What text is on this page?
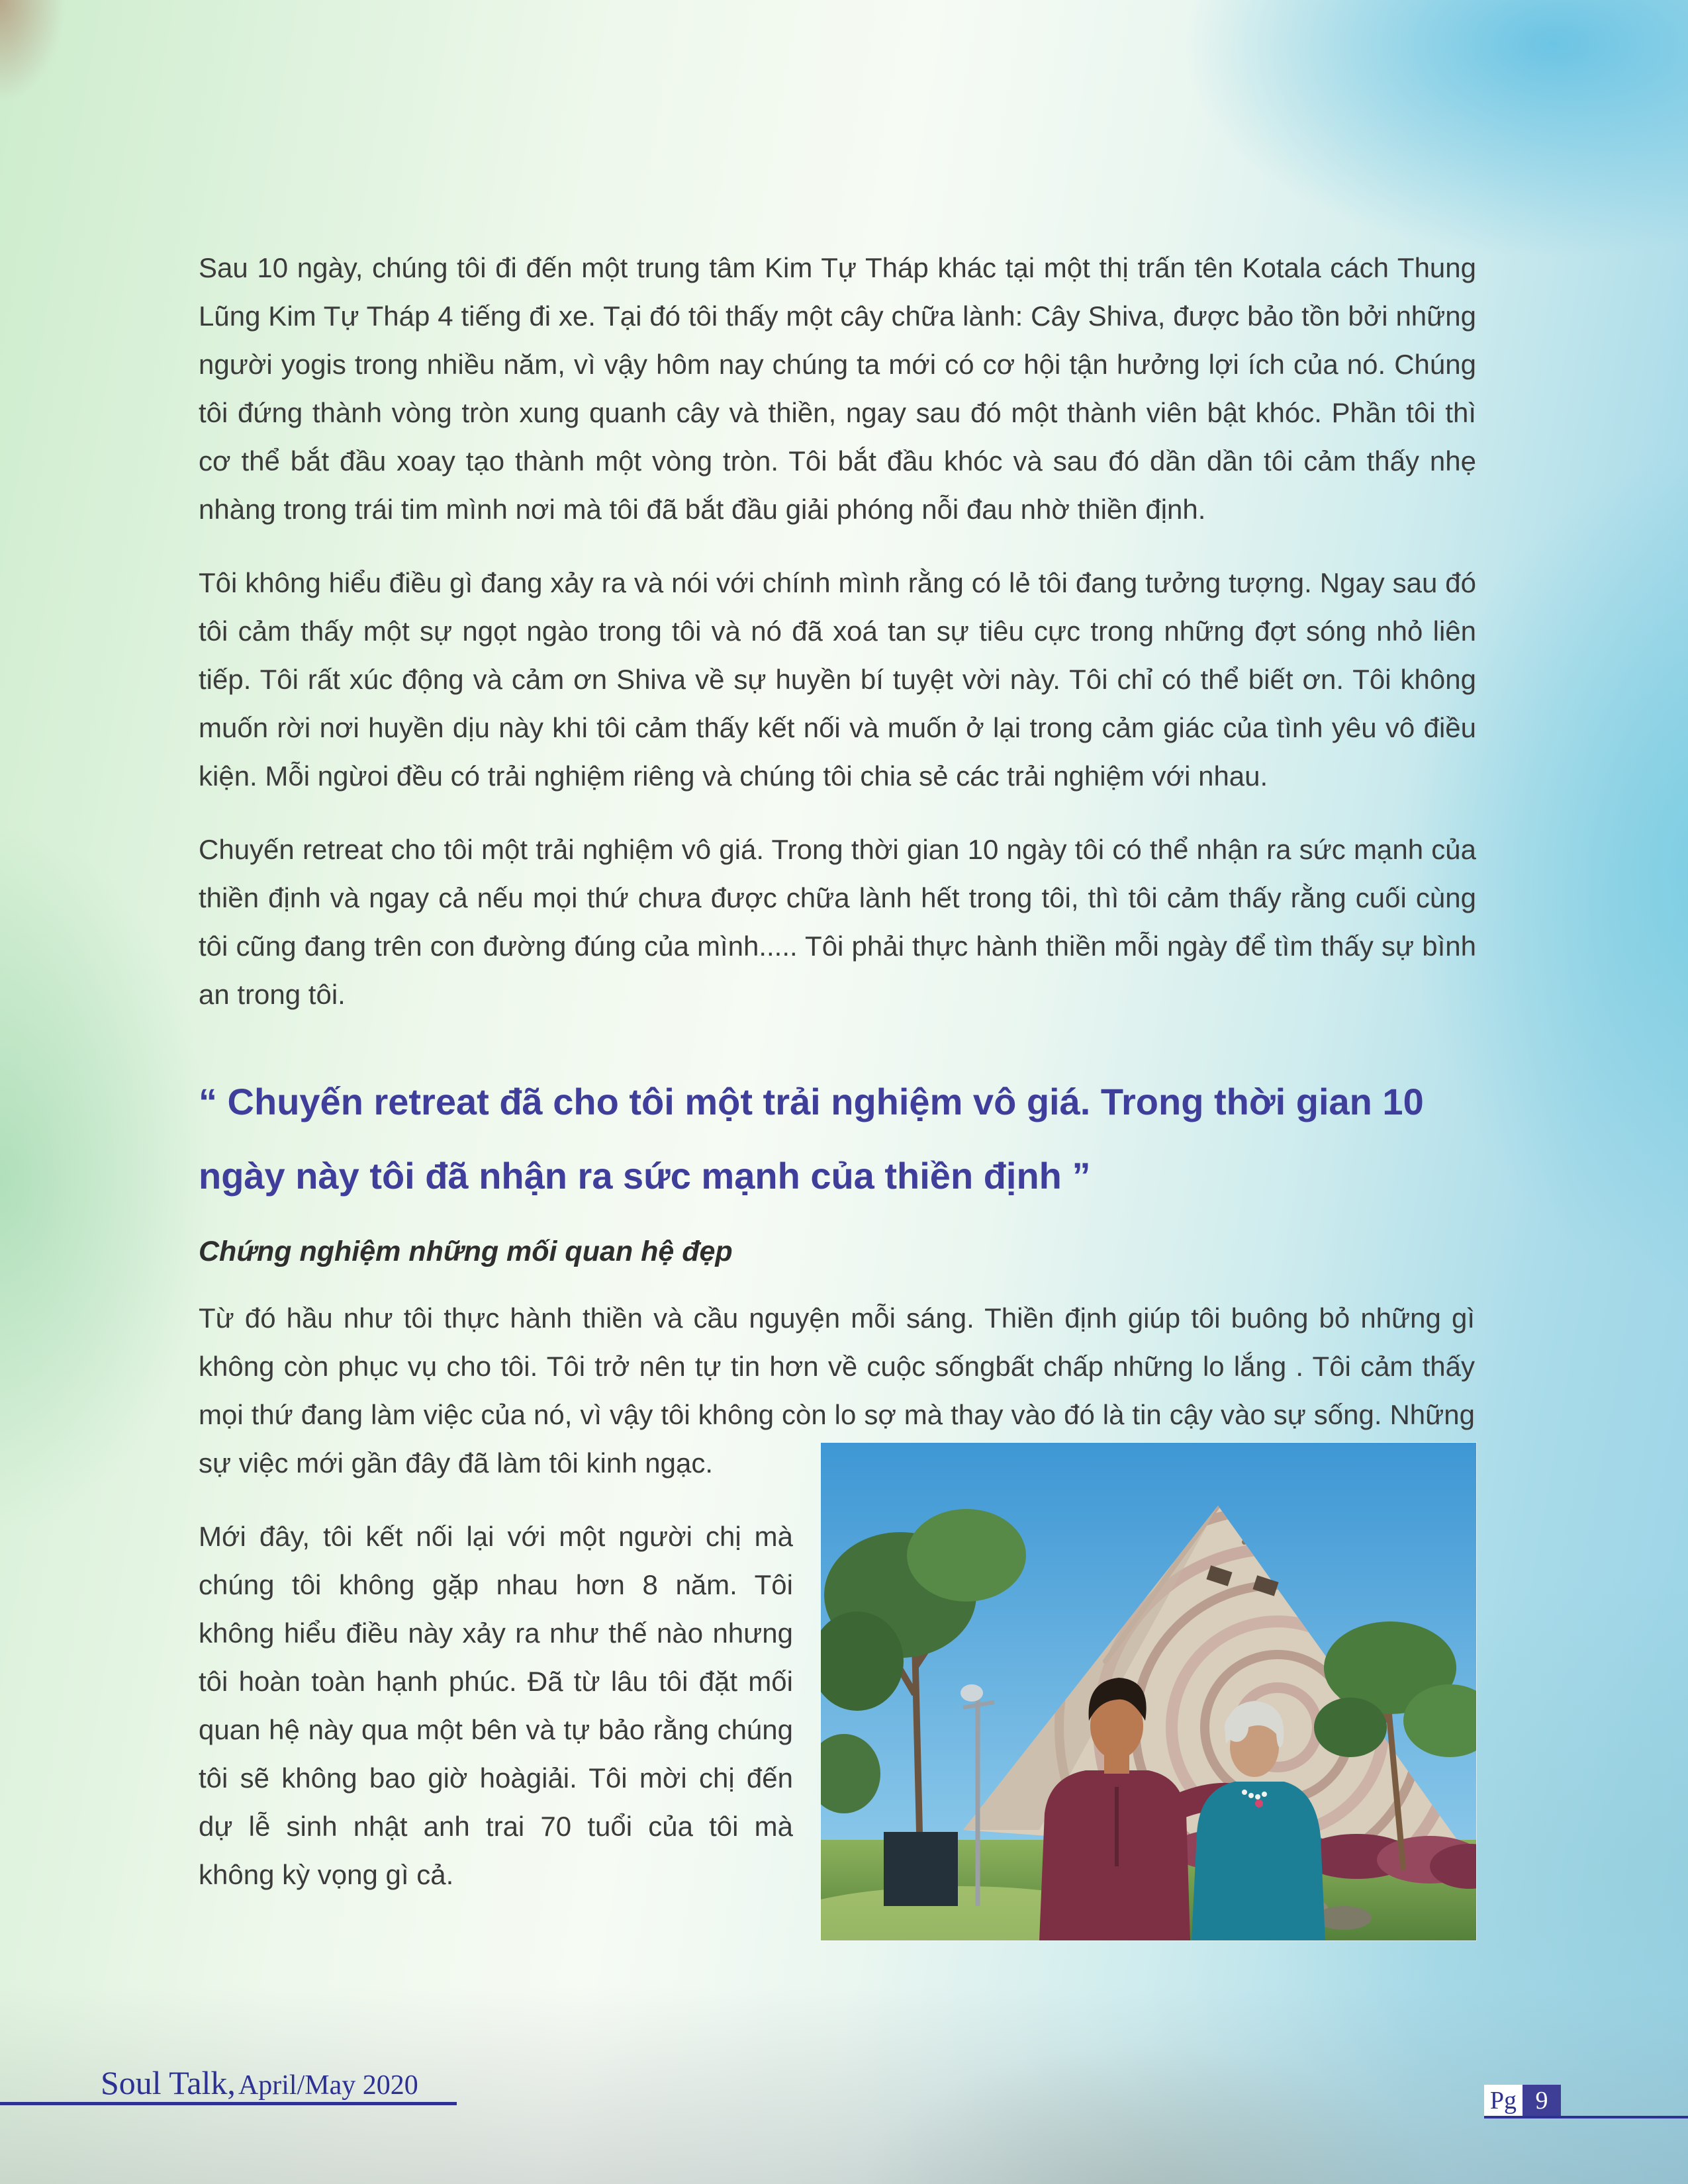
Sau 10 ngày, chúng tôi đi đến một trung tâm Kim Tự Tháp khác tại một thị trấn tên Kotala cách Thung Lũng Kim Tự Tháp 4 tiếng đi xe. Tại đó tôi thấy một cây chữa lành: Cây Shiva, được bảo tồn bởi những người yogis trong nhiều năm, vì vậy hôm nay chúng ta mới có cơ hội tận hưởng lợi ích của nó. Chúng tôi đứng thành vòng tròn xung quanh cây và thiền, ngay sau đó một thành viên bật khóc. Phần tôi thì cơ thể bắt đầu xoay tạo thành một vòng tròn. Tôi bắt đầu khóc và sau đó dần dần tôi cảm thấy nhẹ nhàng trong trái tim mình nơi mà tôi đã bắt đầu giải phóng nỗi đau nhờ thiền định.

Tôi không hiểu điều gì đang xảy ra và nói với chính mình rằng có lẻ tôi đang tưởng tượng. Ngay sau đó tôi cảm thấy một sự ngọt ngào trong tôi và nó đã xoá tan sự tiêu cực trong những đợt sóng nhỏ liên tiếp. Tôi rất xúc động và cảm ơn Shiva về sự huyền bí tuyệt vời này. Tôi chỉ có thể biết ơn. Tôi không muốn rời nơi huyền dịu này khi tôi cảm thấy kết nối và muốn ở lại trong cảm giác của tình yêu vô điều kiện. Mỗi ngừoi đều có trải nghiệm riêng và chúng tôi chia sẻ các trải nghiệm với nhau.

Chuyến retreat cho tôi một trải nghiệm vô giá. Trong thời gian 10 ngày tôi có thể nhận ra sức mạnh của thiền định và ngay cả nếu mọi thứ chưa được chữa lành hết trong tôi, thì tôi cảm thấy rằng cuối cùng tôi cũng đang trên con đường đúng của mình..... Tôi phải thực hành thiền mỗi ngày để tìm thấy sự bình an trong tôi.

“ Chuyến retreat đã cho tôi một trải nghiệm vô giá. Trong thời gian 10 ngày này tôi đã nhận ra sức mạnh của thiền định ”
Chứng nghiệm những mối quan hệ đẹp

Từ đó hầu như tôi thực hành thiền và cầu nguyện mỗi sáng. Thiền định giúp tôi buông bỏ những gì không còn phục vụ cho tôi. Tôi trở nên tự tin hơn về cuộc sốngbất chấp những lo lắng . Tôi cảm thấy mọi thứ đang làm việc của nó, vì vậy tôi không còn lo sợ mà thay vào đó là tin cậy vào sự sống. Những sự việc mới gần đây đã làm tôi kinh ngạc.

Mới đây, tôi kết nối lại với một người chị mà chúng tôi không gặp nhau hơn 8 năm. Tôi không hiểu điều này xảy ra như thế nào nhưng tôi hoàn toàn hạnh phúc. Đã từ lâu tôi đặt mối quan hệ này qua một bên và tự bảo rằng chúng tôi sẽ không bao giờ hoàgiải. Tôi mời chị đến dự lễ sinh nhật anh trai 70 tuổi của tôi mà không kỳ vọng gì cả.

Soul Talk, April/May 2020	Pg 9
